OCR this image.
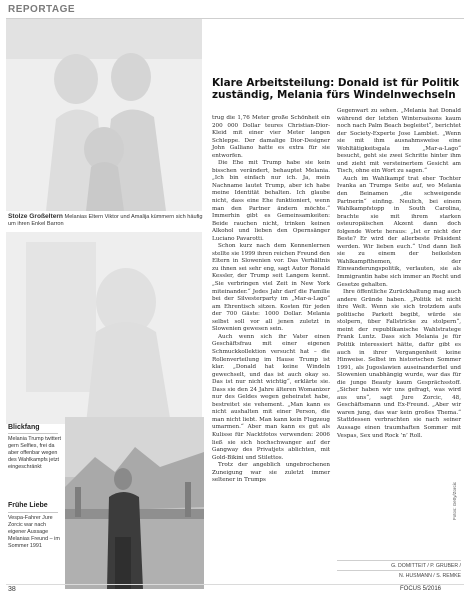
REPORTAGE
Stolze Großeltern Melanias Eltern Viktor und Amalija kümmern sich häufig um ihren Enkel Barron
Blickfang
Melania Trump twittert gern Selfies, frei da aber offenbar wegen des Wahlkampfs jetzt eingeschränkt
Frühe Liebe
Vespa-Fahrer Jure Zorcic war nach eigener Aussage Melanias Freund – im Sommer 1991
Klare Arbeitsteilung: Donald ist für Politik zuständig, Melania fürs Windelnwechseln

trug die 1,76 Meter große Schönheit ein 200 000 Dollar teures Christian-Dior-Kleid mit einer vier Meter langen Schleppe. Der damalige Dior-Designer John Galliano hatte es extra für sie entworfen.

Die Ehe mit Trump habe sie kein bisschen verändert, behauptet Melania. „Ich bin einfach nur ich. Ja, mein Nachname lautet Trump, aber ich habe meine Identität behalten. Ich glaube nicht, dass eine Ehe funktioniert, wenn man den Partner ändern möchte.“ Immerhin gibt es Gemeinsamkeiten: Beide rauchen nicht, trinken keinen Alkohol und lieben den Opernsänger Luciano Pavarotti.

Schon kurz nach dem Kennenlernen stellte sie 1999 ihren reichen Freund den Eltern in Slowenien vor. Das Verhältnis zu ihnen sei sehr eng, sagt Autor Ronald Kessler, der Trump seit Langem kennt. „Sie verbringen viel Zeit in New York miteinander.“ Jedes Jahr darf die Familie bei der Silvesterparty im „Mar-a-Lago“ am Ehrentisch sitzen. Kosten für jeden der 700 Gäste: 1000 Dollar. Melania selbst soll vor all jenen zuletzt in Slowenien gewesen sein.

Auch wenn sich ihr Vater einen Geschäftsfrau mit einer eigenen Schmuckkollektion versucht hat – die Rollenverteilung im Hause Trump ist klar. „Donald hat keine Windeln gewechselt, und das ist auch okay so. Das ist nur nicht wichtig“, erklärte sie. Dass sie den 24 Jahre älteren Womanizer nur des Geldes wegen geheiratet habe, bestreitet sie vehement. „Man kann es nicht aushalten mit einer Person, die man nicht liebt. Man kann kein Flugzeug umarmen.“ Aber man kann es gut als Kulisse für Nacktfotos verwenden: 2006 ließ sie sich hochschwanger auf der Gangway des Privatjets ablichten, mit Gold-Bikini und Stilettos.

Trotz der angeblich ungebrochenen Zuneigung war sie zuletzt immer seltener in Trumps

Gegenwart zu sehen. „Melania hat Donald während der letzten Wintersaisons kaum noch nach Palm Beach begleitet“, berichtet der Society-Experte Jose Lambiet. „Wenn sie mit ihm ausnahmsweise eine Wohltätigkeitsgala im „Mar-a-Lago“ besucht, geht sie zwei Schritte hinter ihm und zieht mit versteinertem Gesicht am Tisch, ohne ein Wort zu sagen.“

Auch im Wahlkampf trat eher Tochter Ivanka an Trumps Seite auf, wo Melania den Beinamen „die schweigende Partnerin“ einfing. Neulich, bei einem Wahlkampfstopp in South Carolina, brachte sie mit ihrem starken osteuropäischen Akzent dann doch folgende Worte heraus: „Ist er nicht der Beste? Er wird der allerbeste Präsident werden. Wir lieben euch.“ Und dann ließ sie zu einem der heikelsten Wahlkampfthemen, der Einwanderungspolitik, verlauten, sie als Immigrantin habe sich immer an Recht und Gesetze gehalten.

Ihre öffentliche Zurückhaltung mag auch andere Gründe haben. „Politik ist nicht ihre Welt. Wenn sie sich trotzdem aufs politische Parkett begibt, würde sie stolpern, über Fallstricke zu stolpern“, meint der republikanische Wahlstratege Frank Luntz. Dass sich Melania je für Politik interessiert hätte, dafür gibt es auch in ihrer Vergangenheit keine Hinweise. Selbst im historischen Sommer 1991, als Jugoslawien auseinanderfiel und Slowenien unabhängig wurde, war das für die junge Beauty kaum Gesprächsstoff. „Sicher haben wir uns gefragt, was wird aus uns“, sagt Jure Zorcic, 48, Geschäftsmann und Ex-Freund. „Aber wir waren jung, das war kein großes Thema.“ Stattdessen verbrachten sie nach seiner Aussage einen traumhaften Sommer mit Vespas, Sex und Rock ’n’ Roll.

G. DOMITTEIT / P. GRUBER /
N. HUSMANN / S. REMKE
Fotos: Getty/Zorcic
38	FOCUS 5/2016
